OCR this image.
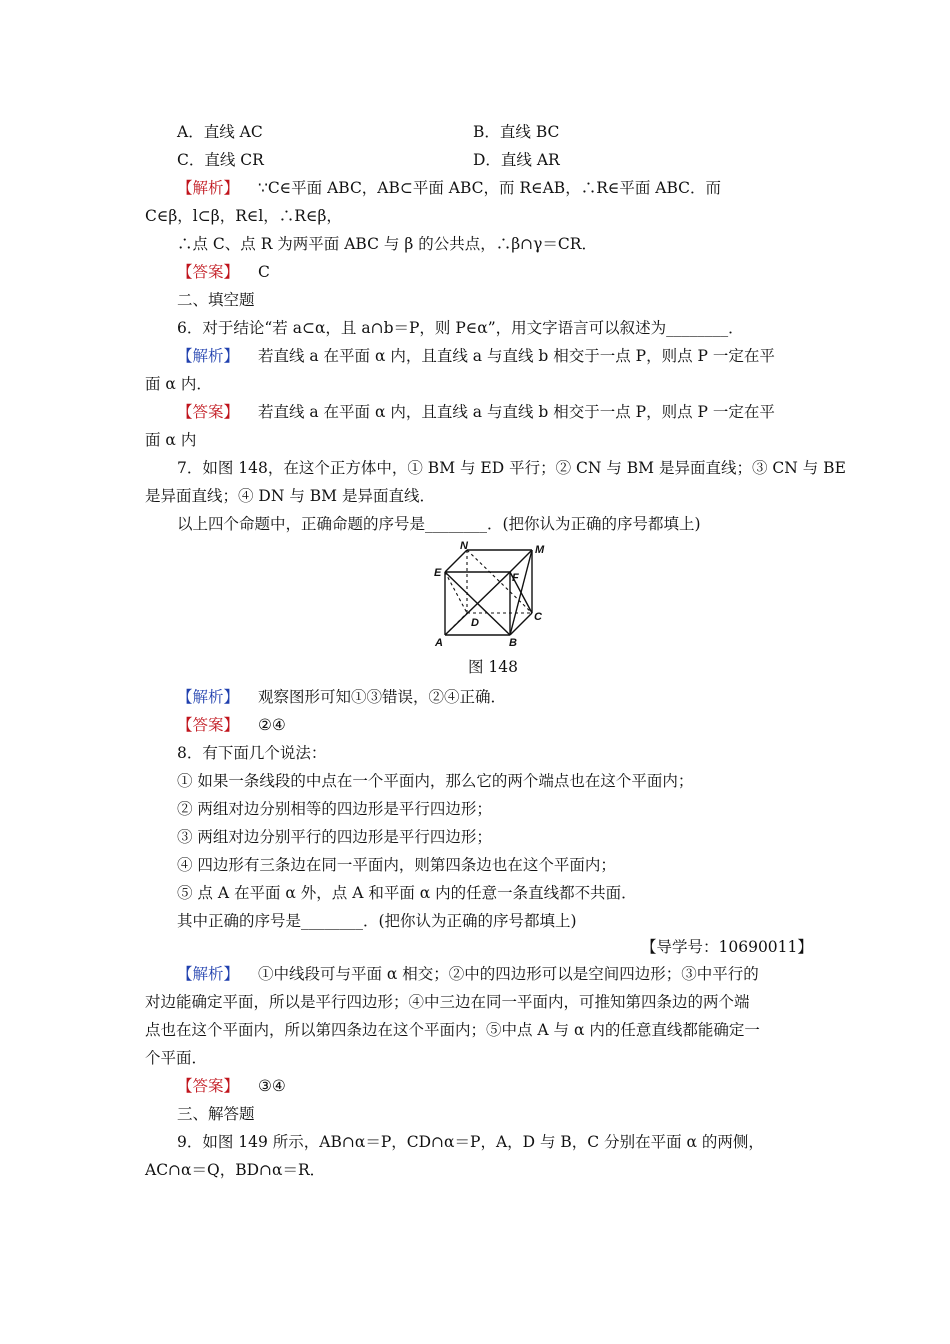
A．直线 AC	B．直线 BC
C．直线 CR	D．直线 AR
【解析】 ∵C∈平面 ABC，AB⊂平面 ABC，而 R∈AB，∴R∈平面 ABC．而
C∈β，l⊂β，R∈l，∴R∈β，
∴点 C、点 R 为两平面 ABC 与 β 的公共点，∴β∩γ＝CR．
【答案】 C
二、填空题
6．对于结论“若 a⊂α，且 a∩b＝P，则 P∈α”，用文字语言可以叙述为________．
【解析】 若直线 a 在平面 α 内，且直线 a 与直线 b 相交于一点 P，则点 P 一定在平
面 α 内．
【答案】 若直线 a 在平面 α 内，且直线 a 与直线 b 相交于一点 P，则点 P 一定在平
面 α 内
7．如图 148，在这个正方体中，① BM 与 ED 平行；② CN 与 BM 是异面直线；③ CN 与 BE
是异面直线；④ DN 与 BM 是异面直线．
以上四个命题中，正确命题的序号是________．(把你认为正确的序号都填上)
N	M
E	F
C
D
A	B
图 148
【解析】 观察图形可知①③错误，②④正确．
【答案】 ②④
8．有下面几个说法：
① 如果一条线段的中点在一个平面内，那么它的两个端点也在这个平面内；
② 两组对边分别相等的四边形是平行四边形；
③ 两组对边分别平行的四边形是平行四边形；
④ 四边形有三条边在同一平面内，则第四条边也在这个平面内；
⑤ 点 A 在平面 α 外，点 A 和平面 α 内的任意一条直线都不共面．
其中正确的序号是________．(把你认为正确的序号都填上)
【导学号：10690011】
【解析】 ①中线段可与平面 α 相交；②中的四边形可以是空间四边形；③中平行的
对边能确定平面，所以是平行四边形；④中三边在同一平面内，可推知第四条边的两个端
点也在这个平面内，所以第四条边在这个平面内；⑤中点 A 与 α 内的任意直线都能确定一
个平面．
【答案】 ③④
三、解答题
9．如图 149 所示，AB∩α＝P，CD∩α＝P，A，D 与 B，C 分别在平面 α 的两侧，
AC∩α＝Q，BD∩α＝R．
